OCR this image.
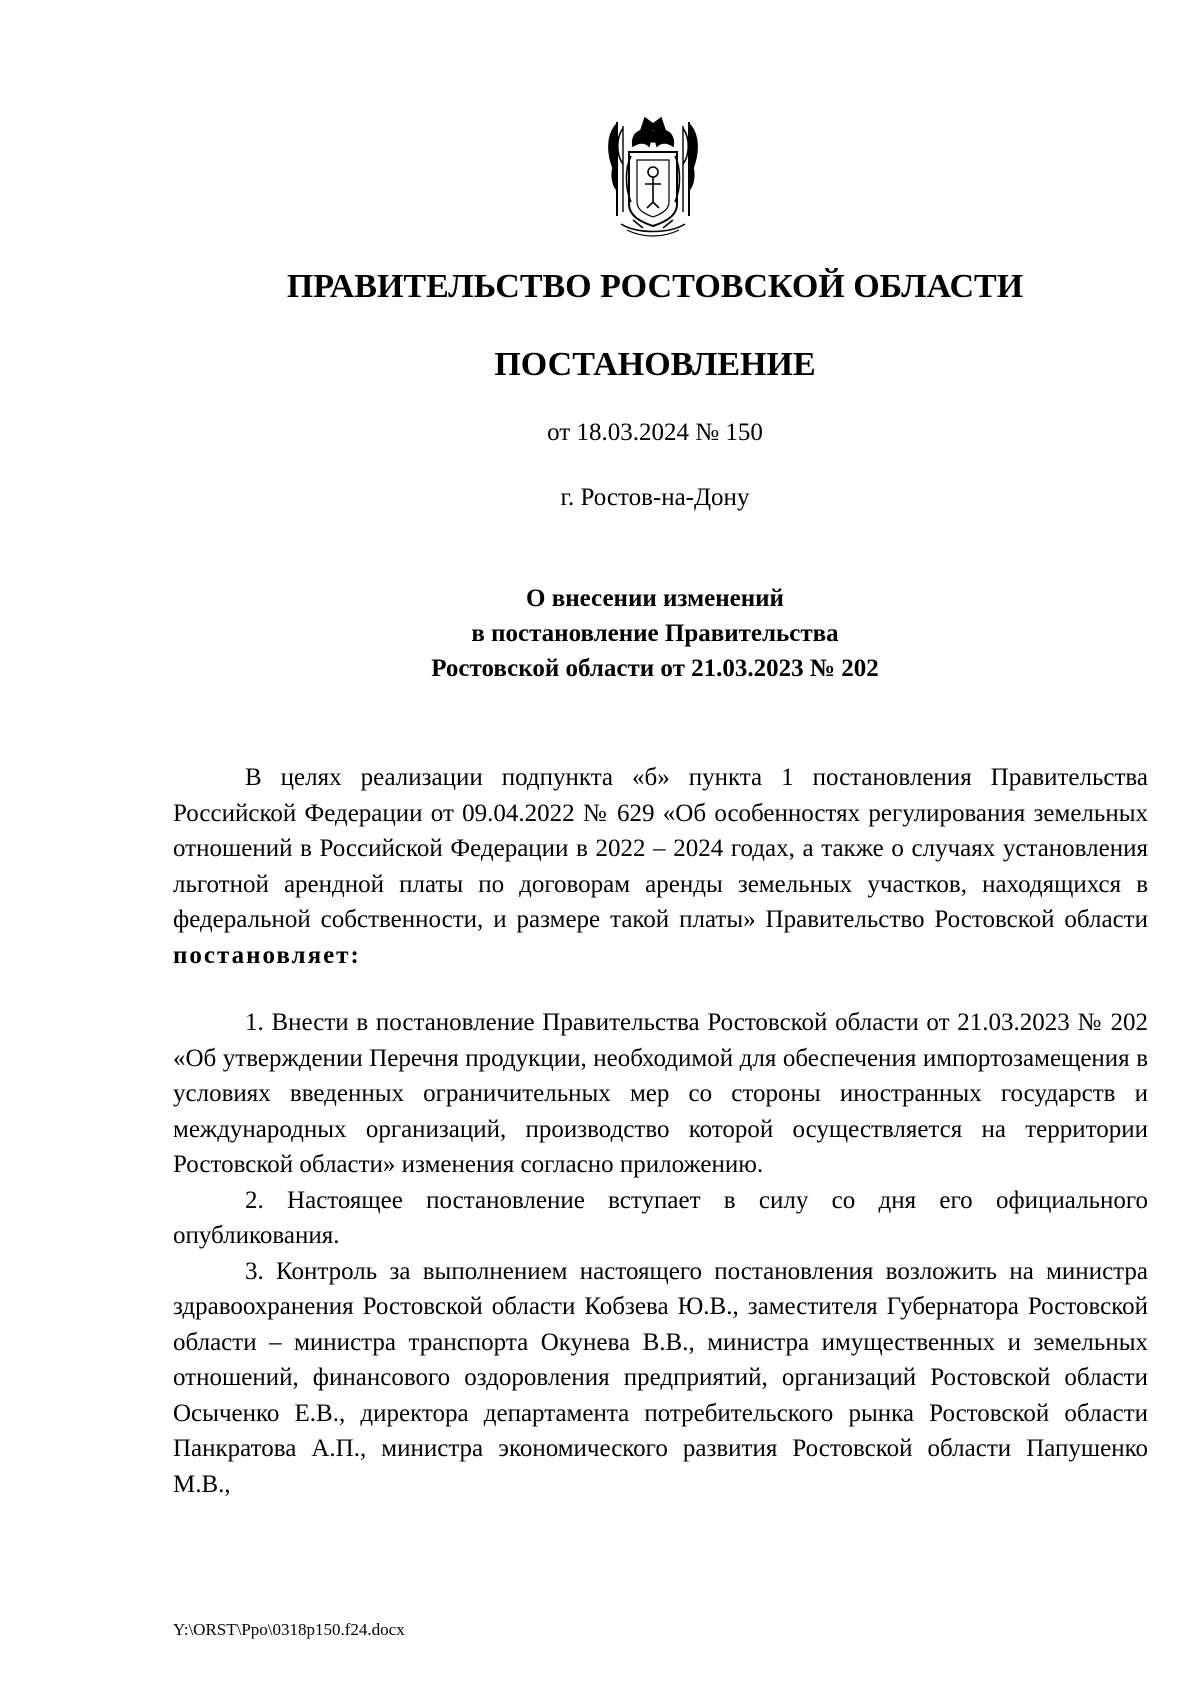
ПРАВИТЕЛЬСТВО РОСТОВСКОЙ ОБЛАСТИ
ПОСТАНОВЛЕНИЕ
от 18.03.2024 № 150
г. Ростов-на-Дону
О внесении изменений
в постановление Правительства
Ростовской области от 21.03.2023 № 202

В целях реализации подпункта «б» пункта 1 постановления Правительства Российской Федерации от 09.04.2022 № 629 «Об особенностях регулирования земельных отношений в Российской Федерации в 2022 – 2024 годах, а также о случаях установления льготной арендной платы по договорам аренды земельных участков, находящихся в федеральной собственности, и размере такой платы» Правительство Ростовской области постановляет:

1. Внести в постановление Правительства Ростовской области от 21.03.2023 № 202 «Об утверждении Перечня продукции, необходимой для обеспечения импортозамещения в условиях введенных ограничительных мер со стороны иностранных государств и международных организаций, производство которой осуществляется на территории Ростовской области» изменения согласно приложению.

2. Настоящее постановление вступает в силу со дня его официального опубликования.

3. Контроль за выполнением настоящего постановления возложить на министра здравоохранения Ростовской области Кобзева Ю.В., заместителя Губернатора Ростовской области – министра транспорта Окунева В.В., министра имущественных и земельных отношений, финансового оздоровления предприятий, организаций Ростовской области Осыченко Е.В., директора департамента потребительского рынка Ростовской области Панкратова А.П., министра экономического развития Ростовской области Папушенко М.В.,

Y:\ORST\Ppo\0318p150.f24.docx
